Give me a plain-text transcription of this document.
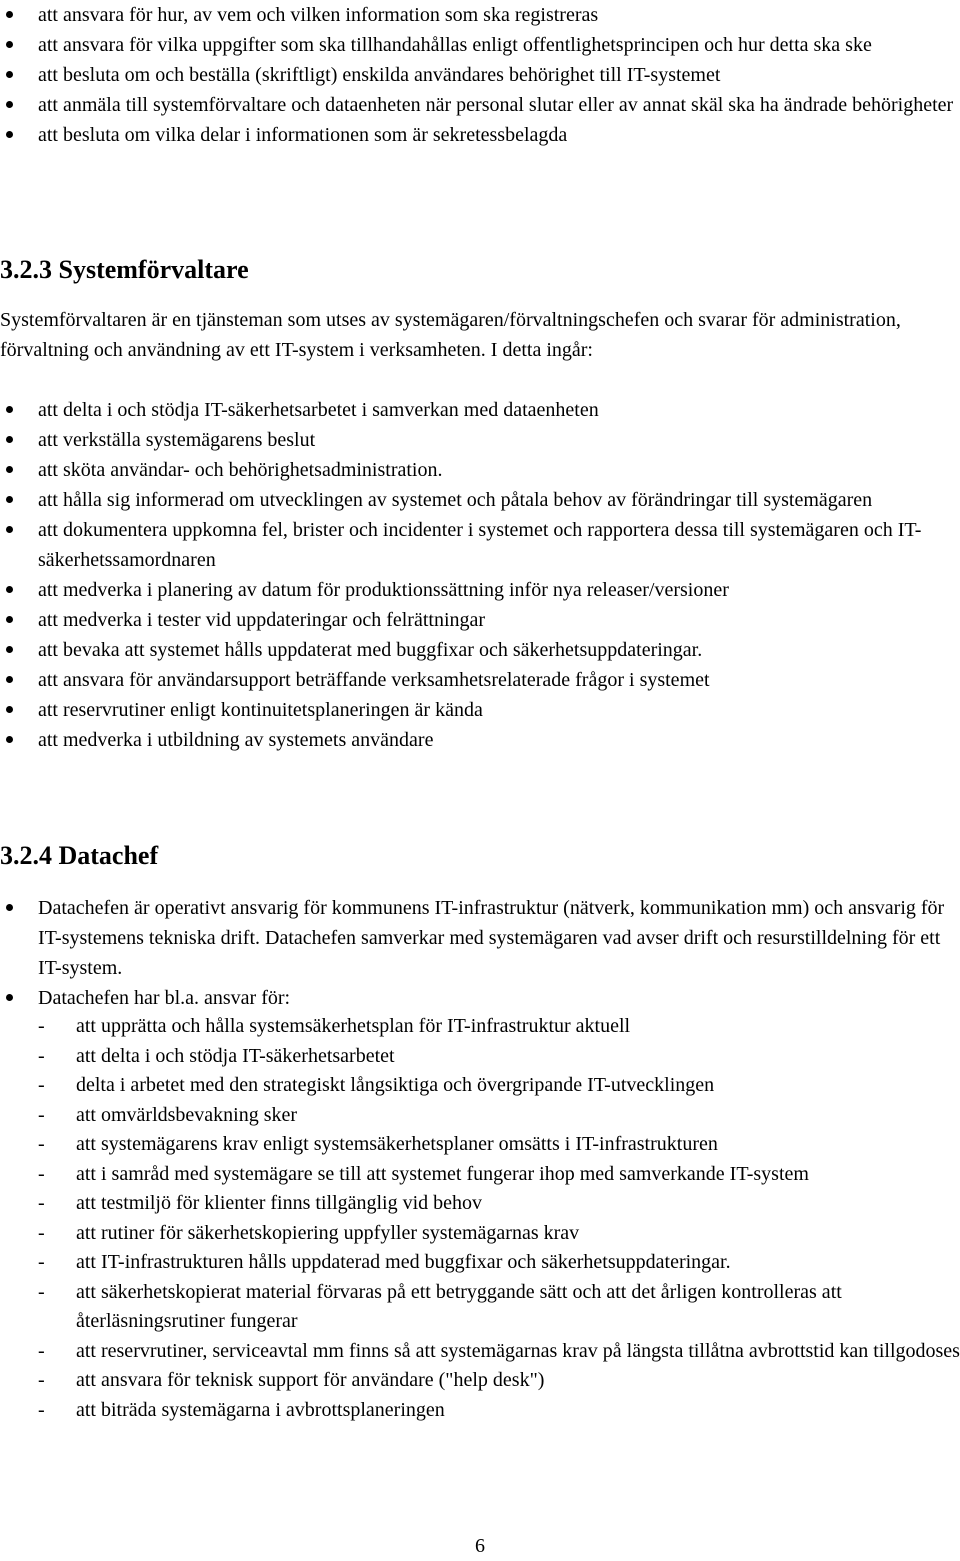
att ansvara för hur, av vem och vilken information som ska registreras
att ansvara för vilka uppgifter som ska tillhandahållas enligt offentlighetsprincipen och hur detta ska ske
att besluta om och beställa (skriftligt) enskilda användares behörighet till IT-systemet
att anmäla till systemförvaltare och dataenheten när personal slutar eller av annat skäl ska ha ändrade behörigheter
att besluta om vilka delar i informationen som är sekretessbelagda
3.2.3 Systemförvaltare

Systemförvaltaren är en tjänsteman som utses av systemägaren/förvaltningschefen och svarar för administration, förvaltning och användning av ett IT-system i verksamheten. I detta ingår:

att delta i och stödja IT-säkerhetsarbetet i samverkan med dataenheten
att verkställa systemägarens beslut
att sköta användar- och behörighetsadministration.
att hålla sig informerad om utvecklingen av systemet och påtala behov av förändringar till systemägaren
att dokumentera uppkomna fel, brister och incidenter i systemet och rapportera dessa till systemägaren och IT-säkerhetssamordnaren
att medverka i planering av datum för produktionssättning inför nya releaser/versioner
att medverka i tester vid uppdateringar och felrättningar
att bevaka att systemet hålls uppdaterat med buggfixar och säkerhetsuppdateringar.
att ansvara för användarsupport beträffande verksamhetsrelaterade frågor i systemet
att reservrutiner enligt kontinuitetsplaneringen är kända
att medverka i utbildning av systemets användare
3.2.4 Datachef
Datachefen är operativt ansvarig för kommunens IT-infrastruktur (nätverk, kommunikation mm) och ansvarig för IT-systemens tekniska drift. Datachefen samverkar med systemägaren vad avser drift och resurstilldelning för ett IT-system.
Datachefen har bl.a. ansvar för:
- att upprätta och hålla systemsäkerhetsplan för IT-infrastruktur aktuell
- att delta i och stödja IT-säkerhetsarbetet
- delta i arbetet med den strategiskt långsiktiga och övergripande IT-utvecklingen
- att omvärldsbevakning sker
- att systemägarens krav enligt systemsäkerhetsplaner omsätts i IT-infrastrukturen
- att i samråd med systemägare se till att systemet fungerar ihop med samverkande IT-system
- att testmiljö för klienter finns tillgänglig vid behov
- att rutiner för säkerhetskopiering uppfyller systemägarnas krav
- att IT-infrastrukturen hålls uppdaterad med buggfixar och säkerhetsuppdateringar.
- att säkerhetskopierat material förvaras på ett betryggande sätt och att det årligen kontrolleras att återläsningsrutiner fungerar
- att reservrutiner, serviceavtal mm finns så att systemägarnas krav på längsta tillåtna avbrottstid kan tillgodoses
- att ansvara för teknisk support för användare ("help desk")
- att biträda systemägarna i avbrottsplaneringen
6
